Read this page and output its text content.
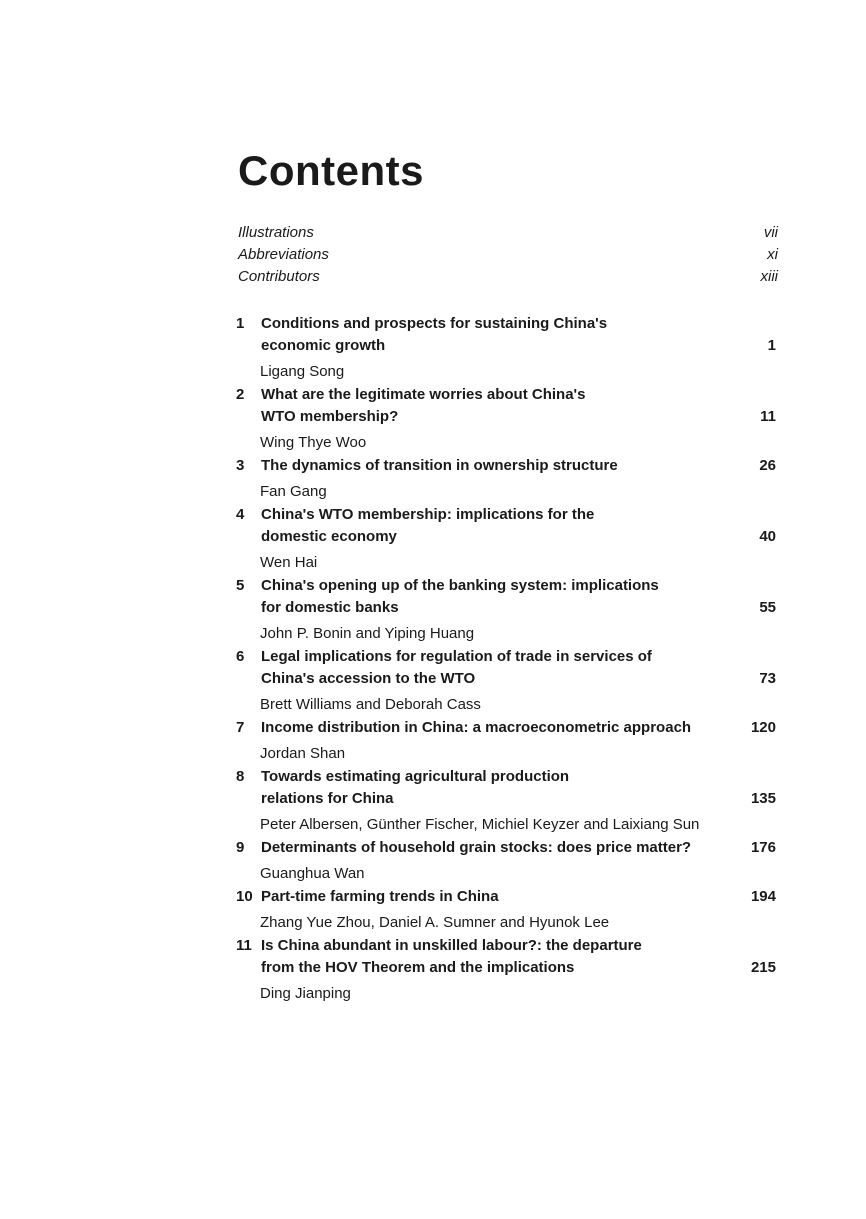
Contents
Illustrations	vii
Abbreviations	xi
Contributors	xiii
1 Conditions and prospects for sustaining China's
economic growth	1
Ligang Song
2 What are the legitimate worries about China's
WTO membership?	11
Wing Thye Woo
3 The dynamics of transition in ownership structure	26
Fan Gang
4 China's WTO membership: implications for the
domestic economy	40
Wen Hai
5 China's opening up of the banking system: implications
for domestic banks	55
John P. Bonin and Yiping Huang
6 Legal implications for regulation of trade in services of
China's accession to the WTO	73
Brett Williams and Deborah Cass
7 Income distribution in China: a macroeconometric approach	120
Jordan Shan
8 Towards estimating agricultural production
relations for China	135
Peter Albersen, Günther Fischer, Michiel Keyzer and Laixiang Sun
9 Determinants of household grain stocks: does price matter?	176
Guanghua Wan
10 Part-time farming trends in China	194
Zhang Yue Zhou, Daniel A. Sumner and Hyunok Lee
11 Is China abundant in unskilled labour?: the departure
from the HOV Theorem and the implications	215
Ding Jianping
